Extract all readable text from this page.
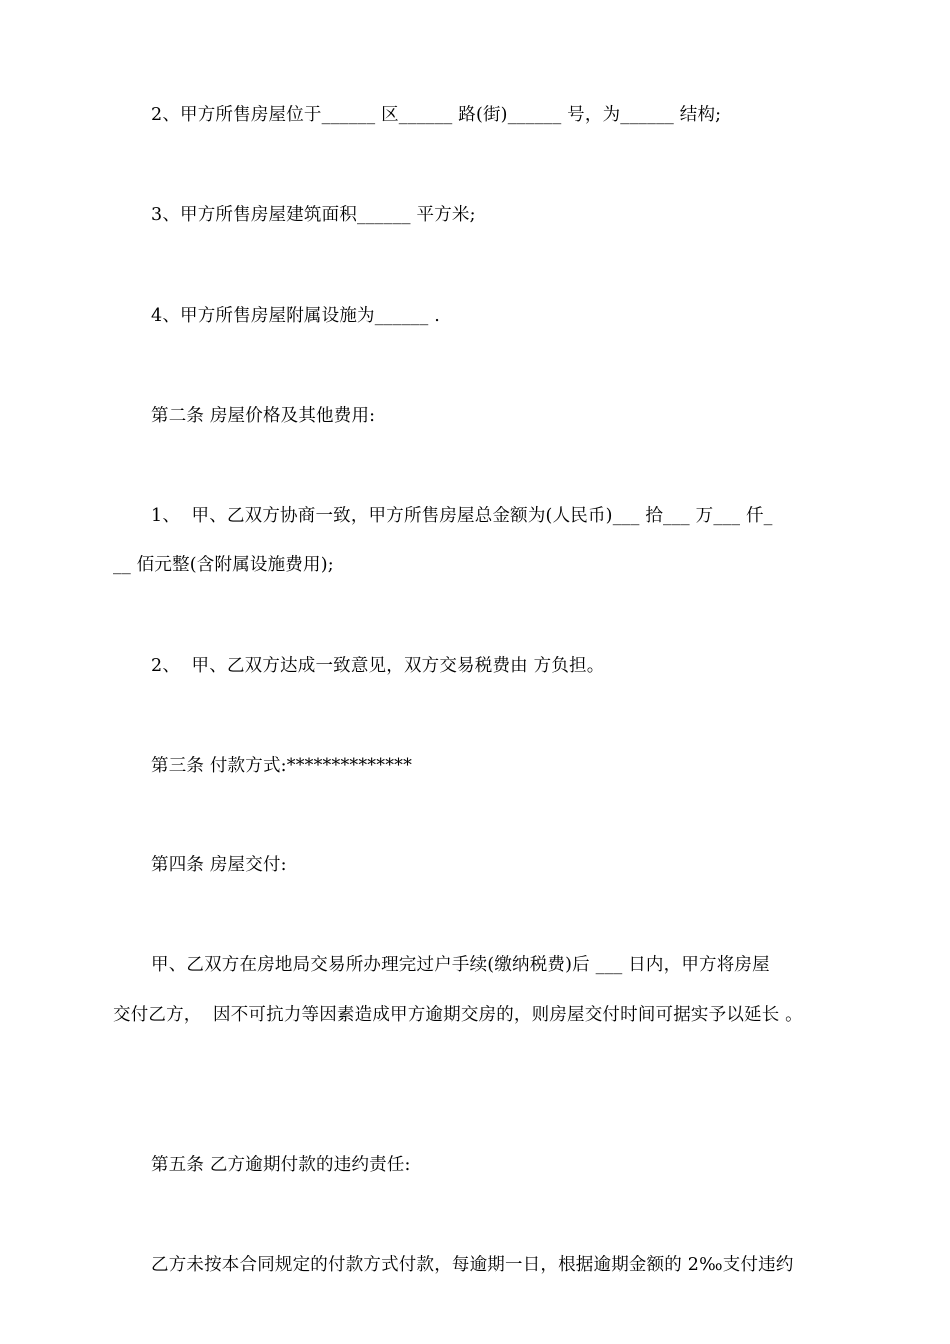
2、甲方所售房屋位于______ 区______ 路(街)______ 号，为______ 结构;
3、甲方所售房屋建筑面积______ 平方米;
4、甲方所售房屋附属设施为______ .
第二条 房屋价格及其他费用:
1、  甲、乙双方协商一致，甲方所售房屋总金额为(人民币)___ 拾___ 万___ 仟_
__ 佰元整(含附属设施费用);
2、  甲、乙双方达成一致意见，双方交易税费由 方负担。
第三条 付款方式:**************
第四条 房屋交付:
甲、乙双方在房地局交易所办理完过户手续(缴纳税费)后 ___ 日内，甲方将房屋
交付乙方，  因不可抗力等因素造成甲方逾期交房的，则房屋交付时间可据实予以延长 。
第五条 乙方逾期付款的违约责任:
乙方未按本合同规定的付款方式付款，每逾期一日，根据逾期金额的 2‰支付违约
